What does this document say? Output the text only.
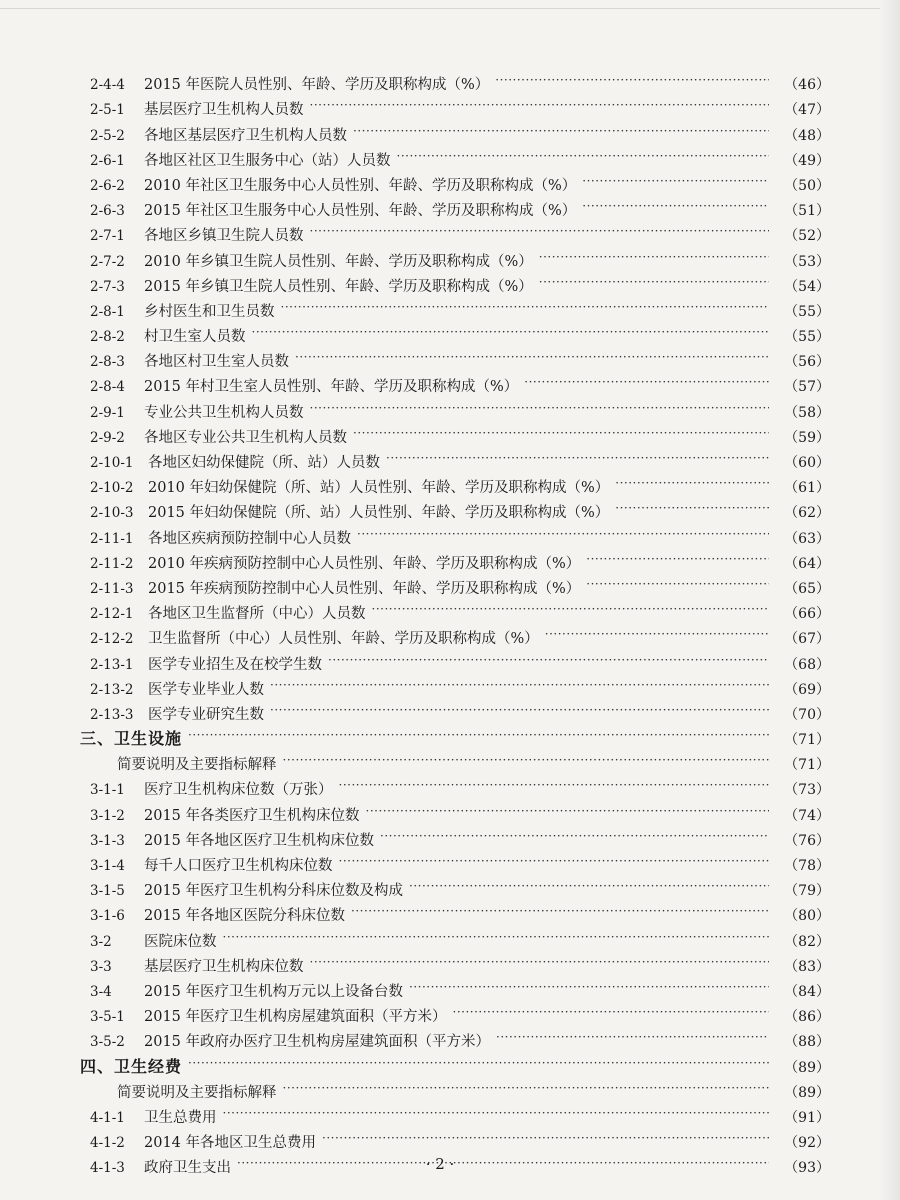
2-4-4	2015 年医院人员性别、年龄、学历及职称构成（%） ·····	（46）
2-5-1	基层医疗卫生机构人员数 ·····	（47）
2-5-2	各地区基层医疗卫生机构人员数 ·····	（48）
2-6-1	各地区社区卫生服务中心（站）人员数 ·····	（49）
2-6-2	2010 年社区卫生服务中心人员性别、年龄、学历及职称构成（%） ·····	（50）
2-6-3	2015 年社区卫生服务中心人员性别、年龄、学历及职称构成（%） ·····	（51）
2-7-1	各地区乡镇卫生院人员数 ·····	（52）
2-7-2	2010 年乡镇卫生院人员性别、年龄、学历及职称构成（%） ·····	（53）
2-7-3	2015 年乡镇卫生院人员性别、年龄、学历及职称构成（%） ·····	（54）
2-8-1	乡村医生和卫生员数 ·····	（55）
2-8-2	村卫生室人员数 ·····	（55）
2-8-3	各地区村卫生室人员数 ·····	（56）
2-8-4	2015 年村卫生室人员性别、年龄、学历及职称构成（%） ·····	（57）
2-9-1	专业公共卫生机构人员数 ·····	（58）
2-9-2	各地区专业公共卫生机构人员数 ·····	（59）
2-10-1	各地区妇幼保健院（所、站）人员数 ·····	（60）
2-10-2	2010 年妇幼保健院（所、站）人员性别、年龄、学历及职称构成（%） ·····	（61）
2-10-3	2015 年妇幼保健院（所、站）人员性别、年龄、学历及职称构成（%） ·····	（62）
2-11-1	各地区疾病预防控制中心人员数 ·····	（63）
2-11-2	2010 年疾病预防控制中心人员性别、年龄、学历及职称构成（%） ·····	（64）
2-11-3	2015 年疾病预防控制中心人员性别、年龄、学历及职称构成（%） ·····	（65）
2-12-1	各地区卫生监督所（中心）人员数 ·····	（66）
2-12-2	卫生监督所（中心）人员性别、年龄、学历及职称构成（%） ·····	（67）
2-13-1	医学专业招生及在校学生数 ·····	（68）
2-13-2	医学专业毕业人数 ·····	（69）
2-13-3	医学专业研究生数 ·····	（70）
三、卫生设施 ·····	（71）
简要说明及主要指标解释 ·····	（71）
3-1-1	医疗卫生机构床位数（万张） ·····	（73）
3-1-2	2015 年各类医疗卫生机构床位数 ·····	（74）
3-1-3	2015 年各地区医疗卫生机构床位数 ·····	（76）
3-1-4	每千人口医疗卫生机构床位数 ·····	（78）
3-1-5	2015 年医疗卫生机构分科床位数及构成 ·····	（79）
3-1-6	2015 年各地区医院分科床位数 ·····	（80）
3-2	医院床位数 ·····	（82）
3-3	基层医疗卫生机构床位数 ·····	（83）
3-4	2015 年医疗卫生机构万元以上设备台数 ·····	（84）
3-5-1	2015 年医疗卫生机构房屋建筑面积（平方米） ·····	（86）
3-5-2	2015 年政府办医疗卫生机构房屋建筑面积（平方米） ·····	（88）
四、卫生经费 ·····	（89）
简要说明及主要指标解释 ·····	（89）
4-1-1	卫生总费用 ·····	（91）
4-1-2	2014 年各地区卫生总费用 ·····	（92）
4-1-3	政府卫生支出 ·····	（93）
· 2 ·
